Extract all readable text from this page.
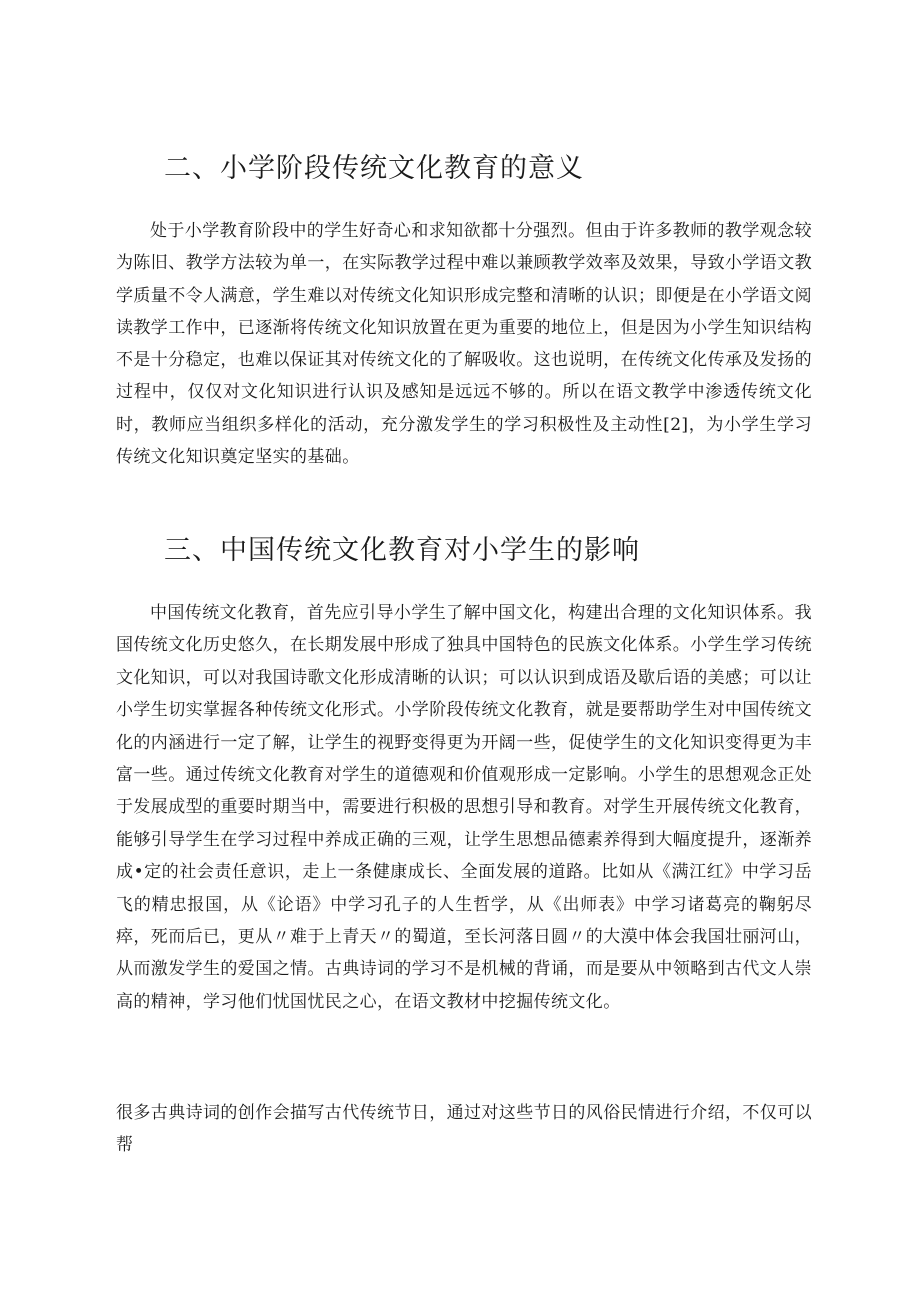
二、小学阶段传统文化教育的意义

处于小学教育阶段中的学生好奇心和求知欲都十分强烈。但由于许多教师的教学观念较为陈旧、教学方法较为单一，在实际教学过程中难以兼顾教学效率及效果，导致小学语文教学质量不令人满意，学生难以对传统文化知识形成完整和清晰的认识；即便是在小学语文阅读教学工作中，已逐渐将传统文化知识放置在更为重要的地位上，但是因为小学生知识结构不是十分稳定，也难以保证其对传统文化的了解吸收。这也说明，在传统文化传承及发扬的过程中，仅仅对文化知识进行认识及感知是远远不够的。所以在语文教学中渗透传统文化时，教师应当组织多样化的活动，充分激发学生的学习积极性及主动性[2]，为小学生学习传统文化知识奠定坚实的基础。

三、中国传统文化教育对小学生的影响

中国传统文化教育，首先应引导小学生了解中国文化，构建出合理的文化知识体系。我国传统文化历史悠久，在长期发展中形成了独具中国特色的民族文化体系。小学生学习传统文化知识，可以对我国诗歌文化形成清晰的认识；可以认识到成语及歇后语的美感；可以让小学生切实掌握各种传统文化形式。小学阶段传统文化教育，就是要帮助学生对中国传统文化的内涵进行一定了解，让学生的视野变得更为开阔一些，促使学生的文化知识变得更为丰富一些。通过传统文化教育对学生的道德观和价值观形成一定影响。小学生的思想观念正处于发展成型的重要时期当中，需要进行积极的思想引导和教育。对学生开展传统文化教育，能够引导学生在学习过程中养成正确的三观，让学生思想品德素养得到大幅度提升，逐渐养成•定的社会责任意识，走上一条健康成长、全面发展的道路。比如从《满江红》中学习岳飞的精忠报国，从《论语》中学习孔子的人生哲学，从《出师表》中学习诸葛亮的鞠躬尽瘁，死而后已，更从〃难于上青天〃的蜀道，至长河落日圆〃的大漠中体会我国壮丽河山，从而激发学生的爱国之情。古典诗词的学习不是机械的背诵，而是要从中领略到古代文人崇高的精神，学习他们忧国忧民之心，在语文教材中挖掘传统文化。

很多古典诗词的创作会描写古代传统节日，通过对这些节日的风俗民情进行介绍，不仅可以帮
